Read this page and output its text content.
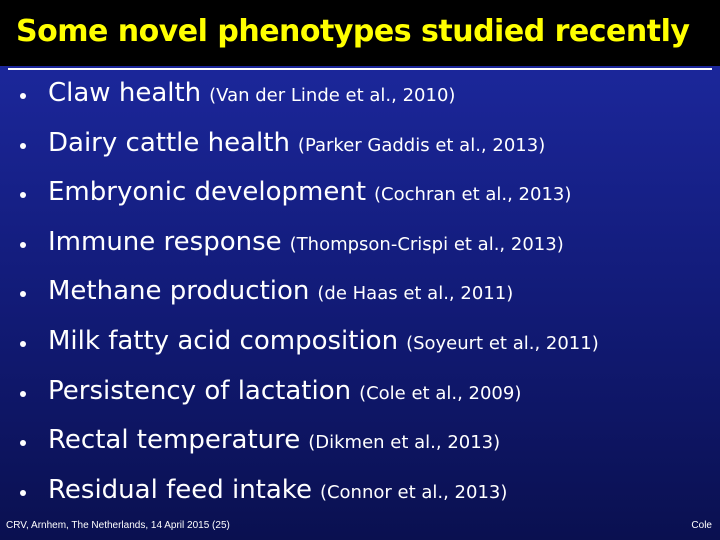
Some novel phenotypes studied recently
Claw health (Van der Linde et al., 2010)
Dairy cattle health (Parker Gaddis et al., 2013)
Embryonic development (Cochran et al., 2013)
Immune response (Thompson-Crispi et al., 2013)
Methane production (de Haas et al., 2011)
Milk fatty acid composition (Soyeurt et al., 2011)
Persistency of lactation (Cole et al., 2009)
Rectal temperature (Dikmen et al., 2013)
Residual feed intake (Connor et al., 2013)
CRV, Arnhem, The Netherlands, 14 April 2015 (25)	Cole
